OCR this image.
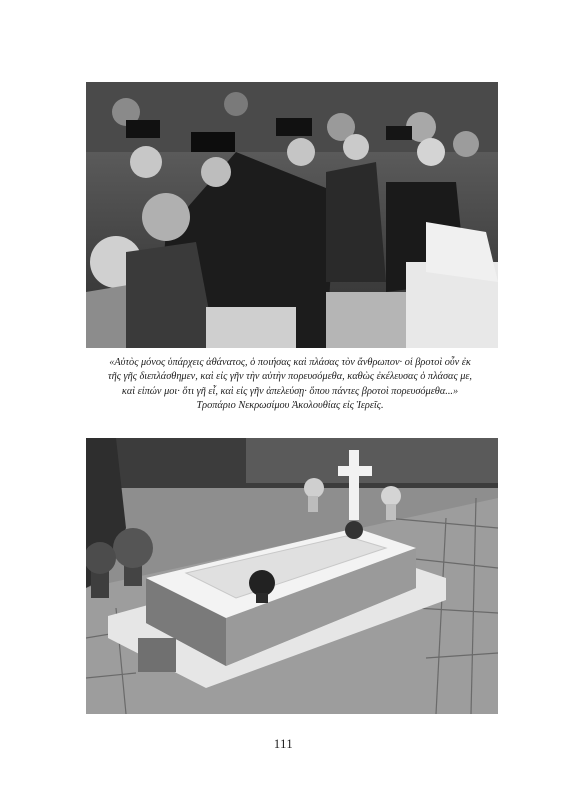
«Αὐτὸς μόνος ὑπάρχεις ἀθάνατος, ὁ ποιήσας καὶ πλάσας τὸν ἄνθρωπον· οἱ βροτοὶ οὖν ἐκ
τῆς γῆς διεπλάσθημεν, καὶ εἰς γῆν τὴν αὐτὴν πορευσόμεθα, καθὼς ἐκέλευσας ὁ πλάσας με,
καὶ εἰπών μοι· ὅτι γῆ εἶ, καὶ εἰς γῆν ἀπελεύσῃ· ὅπου πάντες βροτοὶ πορευσόμεθα...»
Τροπάριο Νεκρωσίμου Ἀκολουθίας εἰς Ἱερεῖς.
111
